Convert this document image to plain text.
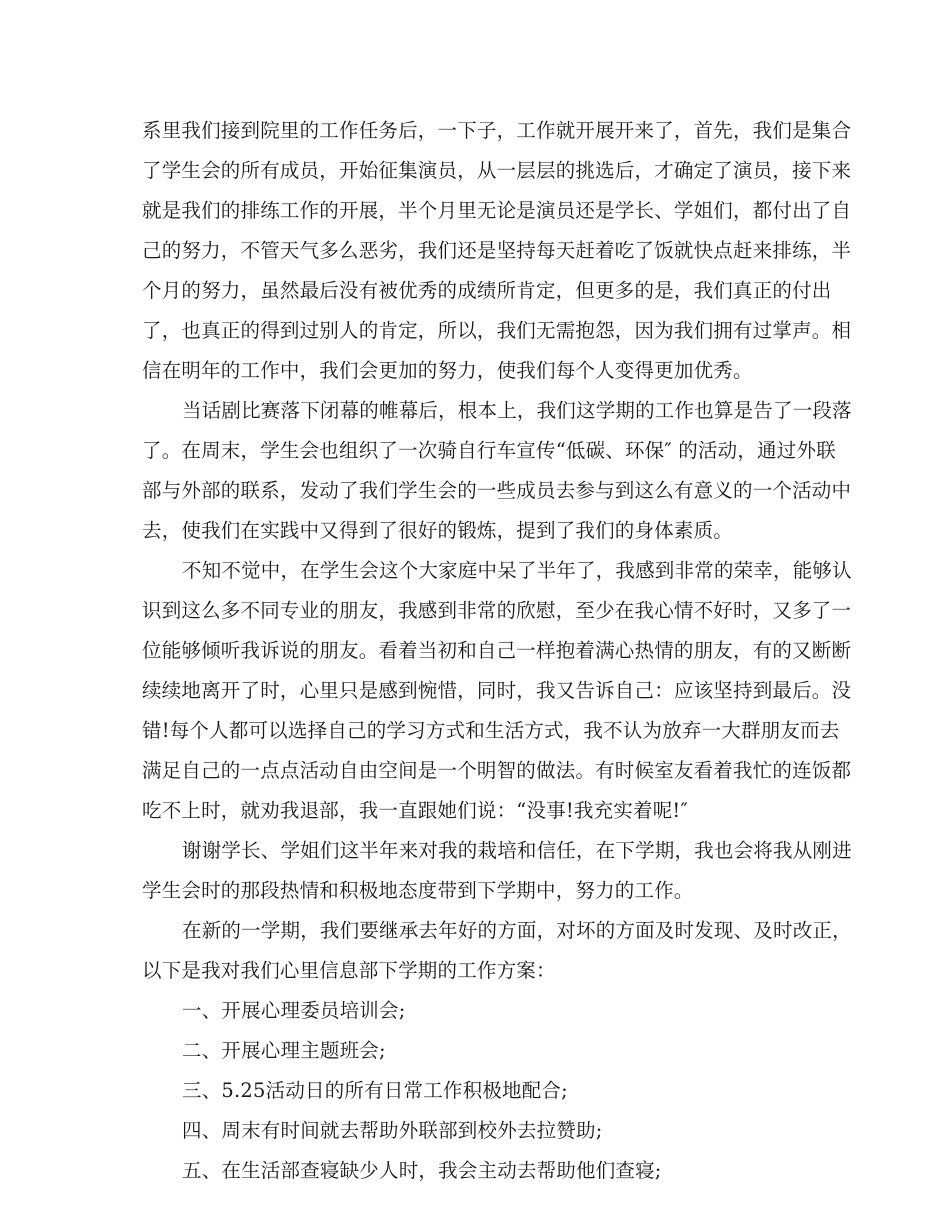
系里我们接到院里的工作任务后，一下子，工作就开展开来了，首先，我们是集合
了学生会的所有成员，开始征集演员，从一层层的挑选后，才确定了演员，接下来
就是我们的排练工作的开展，半个月里无论是演员还是学长、学姐们，都付出了自
己的努力，不管天气多么恶劣，我们还是坚持每天赶着吃了饭就快点赶来排练，半
个月的努力，虽然最后没有被优秀的成绩所肯定，但更多的是，我们真正的付出
了，也真正的得到过别人的肯定，所以，我们无需抱怨，因为我们拥有过掌声。相
信在明年的工作中，我们会更加的努力，使我们每个人变得更加优秀。
当话剧比赛落下闭幕的帷幕后，根本上，我们这学期的工作也算是告了一段落
了。在周末，学生会也组织了一次骑自行车宣传“低碳、环保″ 的活动，通过外联
部与外部的联系，发动了我们学生会的一些成员去参与到这么有意义的一个活动中
去，使我们在实践中又得到了很好的锻炼，提到了我们的身体素质。
不知不觉中，在学生会这个大家庭中呆了半年了，我感到非常的荣幸，能够认
识到这么多不同专业的朋友，我感到非常的欣慰，至少在我心情不好时，又多了一
位能够倾听我诉说的朋友。看着当初和自己一样抱着满心热情的朋友，有的又断断
续续地离开了时，心里只是感到惋惜，同时，我又告诉自己：应该坚持到最后。没
错!每个人都可以选择自己的学习方式和生活方式，我不认为放弃一大群朋友而去
满足自己的一点点活动自由空间是一个明智的做法。有时候室友看着我忙的连饭都
吃不上时，就劝我退部，我一直跟她们说：“没事!我充实着呢!″
谢谢学长、学姐们这半年来对我的栽培和信任，在下学期，我也会将我从刚进
学生会时的那段热情和积极地态度带到下学期中，努力的工作。
在新的一学期，我们要继承去年好的方面，对坏的方面及时发现、及时改正，
以下是我对我们心里信息部下学期的工作方案：
一、开展心理委员培训会;
二、开展心理主题班会;
三、5.25活动日的所有日常工作积极地配合;
四、周末有时间就去帮助外联部到校外去拉赞助;
五、在生活部查寝缺少人时，我会主动去帮助他们查寝;
